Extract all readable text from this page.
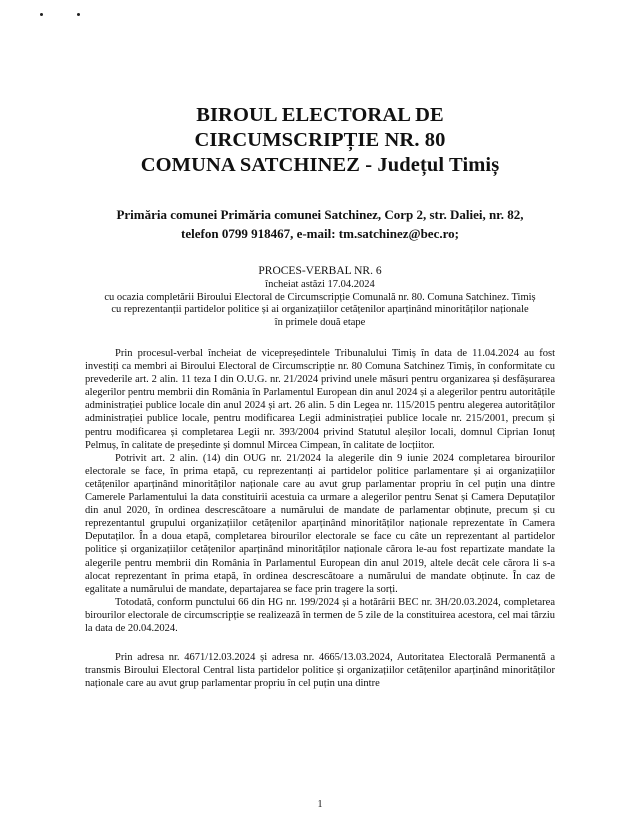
BIROUL ELECTORAL DE
CIRCUMSCRIPȚIE NR. 80
COMUNA SATCHINEZ - Județul Timiș
Primăria comunei Primăria comunei Satchinez, Corp 2, str. Daliei, nr. 82,
telefon 0799 918467, e-mail: tm.satchinez@bec.ro;
PROCES-VERBAL NR. 6
încheiat astăzi 17.04.2024
cu ocazia completării Biroului Electoral de Circumscripție Comunală nr. 80. Comuna Satchinez. Timiș
cu reprezentanții partidelor politice și ai organizațiilor cetățenilor aparținând minorităților naționale
în primele două etape

Prin procesul-verbal încheiat de vicepreședintele Tribunalului Timiș în data de 11.04.2024 au fost investiți ca membri ai Biroului Electoral de Circumscripție nr. 80 Comuna Satchinez Timiș, în conformitate cu prevederile art. 2 alin. 11 teza I din O.U.G. nr. 21/2024 privind unele măsuri pentru organizarea și desfășurarea alegerilor pentru membrii din România în Parlamentul European din anul 2024 și a alegerilor pentru autoritățile administrației publice locale din anul 2024 și art. 26 alin. 5 din Legea nr. 115/2015 pentru alegerea autorităților administrației publice locale, pentru modificarea Legii administrației publice locale nr. 215/2001, precum și pentru modificarea și completarea Legii nr. 393/2004 privind Statutul aleșilor locali, domnul Ciprian Ionuț Pelmuș, în calitate de președinte și domnul Mircea Cimpean, în calitate de locțiitor.

Potrivit art. 2 alin. (14) din OUG nr. 21/2024 la alegerile din 9 iunie 2024 completarea birourilor electorale se face, în prima etapă, cu reprezentanți ai partidelor politice parlamentare și ai organizațiilor cetățenilor aparținând minorităților naționale care au avut grup parlamentar propriu în cel puțin una dintre Camerele Parlamentului la data constituirii acestuia ca urmare a alegerilor pentru Senat și Camera Deputaților din anul 2020, în ordinea descrescătoare a numărului de mandate de parlamentar obținute, precum și cu reprezentantul grupului organizațiilor cetățenilor aparținând minorităților naționale reprezentate în Camera Deputaților. În a doua etapă, completarea birourilor electorale se face cu câte un reprezentant al partidelor politice și organizațiilor cetățenilor aparținând minorităților naționale cărora le-au fost repartizate mandate la alegerile pentru membrii din România în Parlamentul European din anul 2019, altele decât cele cărora li s-a alocat reprezentant în prima etapă, în ordinea descrescătoare a numărului de mandate obținute. În caz de egalitate a numărului de mandate, departajarea se face prin tragere la sorți.

Totodată, conform punctului 66 din HG nr. 199/2024 și a hotărârii BEC nr. 3H/20.03.2024, completarea birourilor electorale de circumscripție se realizează în termen de 5 zile de la constituirea acestora, cel mai târziu la data de 20.04.2024.

Prin adresa nr. 4671/12.03.2024 și adresa nr. 4665/13.03.2024, Autoritatea Electorală Permanentă a transmis Biroului Electoral Central lista partidelor politice și organizațiilor cetățenilor aparținând minorităților naționale care au avut grup parlamentar propriu în cel puțin una dintre

1
